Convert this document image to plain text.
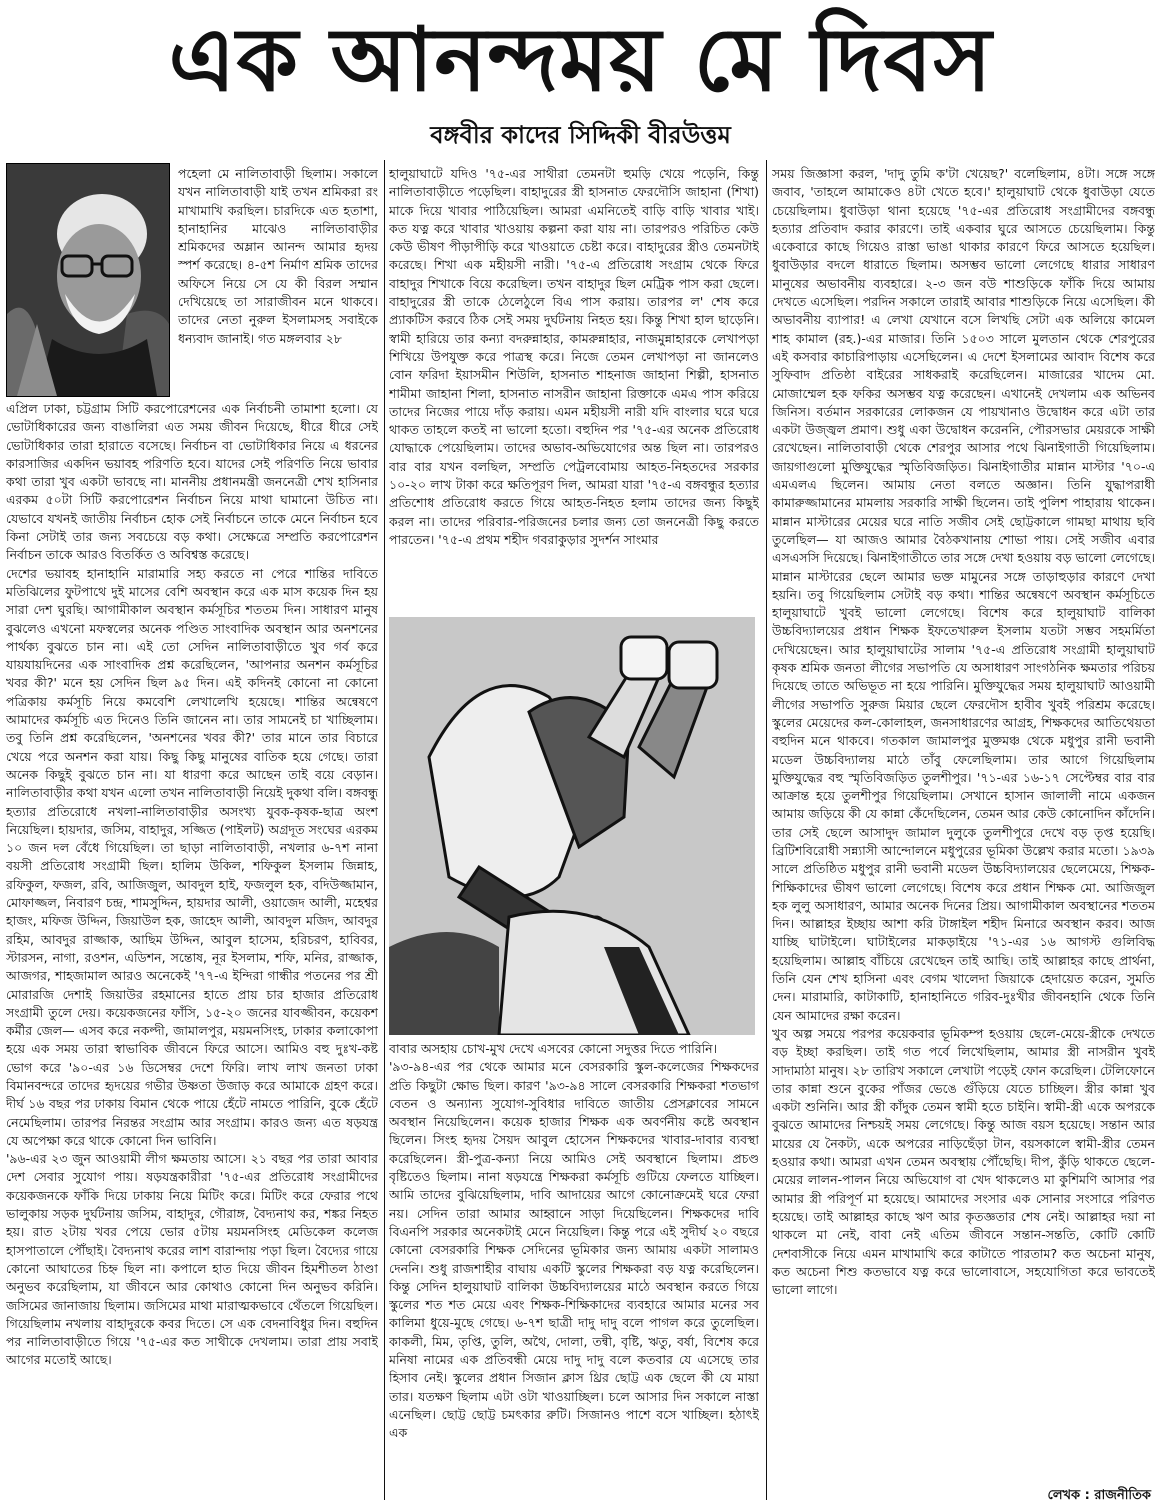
এক আনন্দময় মে দিবস
বঙ্গবীর কাদের সিদ্দিকী বীরউত্তম

পহেলা মে নালিতাবাড়ী ছিলাম। সকালে যখন নালিতাবাড়ী যাই তখন শ্রমিকরা রং মাখামাখি করছিল। চারদিকে এত হতাশা, হানাহানির মাঝেও নালিতাবাড়ীর শ্রমিকদের অম্লান আনন্দ আমার হৃদয় স্পর্শ করেছে। ৪-৫শ নির্মাণ শ্রমিক তাদের অফিসে নিয়ে সে যে কী বিরল সম্মান দেখিয়েছে তা সারাজীবন মনে থাকবে। তাদের নেতা নুরুল ইসলামসহ সবাইকে ধন্যবাদ জানাই। গত মঙ্গলবার ২৮

এপ্রিল ঢাকা, চট্টগ্রাম সিটি করপোরেশনের এক নির্বাচনী তামাশা হলো। যে ভোটাধিকারের জন্য বাঙালিরা এত সময় জীবন দিয়েছে, ধীরে ধীরে সেই ভোটাধিকার তারা হারাতে বসেছে। নির্বাচন বা ভোটাধিকার নিয়ে এ ধরনের কারসাজির একদিন ভয়াবহ পরিণতি হবে। যাদের সেই পরিণতি নিয়ে ভাবার কথা তারা খুব একটা ভাবছে না। মাননীয় প্রধানমন্ত্রী জননেত্রী শেখ হাসিনার এরকম ৫০টা সিটি করপোরেশন নির্বাচন নিয়ে মাথা ঘামানো উচিত না। যেভাবে যখনই জাতীয় নির্বাচন হোক সেই নির্বাচনে তাকে মেনে নির্বাচন হবে কিনা সেটাই তার জন্য সবচেয়ে বড় কথা। সেক্ষেত্রে সম্প্রতি করপোরেশন নির্বাচন তাকে আরও বিতর্কিত ও অবিশ্বস্ত করেছে।

দেশের ভয়াবহ হানাহানি মারামারি সহ্য করতে না পেরে শান্তির দাবিতে মতিঝিলের ফুটপাথে দুই মাসের বেশি অবস্থান করে এক মাস কয়েক দিন হয় সারা দেশ ঘুরছি। আগামীকাল অবস্থান কর্মসূচির শততম দিন। সাধারণ মানুষ বুঝলেও এখনো মফস্বলের অনেক পণ্ডিত সাংবাদিক অবস্থান আর অনশনের পার্থক্য বুঝতে চান না। এই তো সেদিন নালিতাবাড়ীতে খুব গর্ব করে যায়যায়দিনের এক সাংবাদিক প্রশ্ন করেছিলেন, 'আপনার অনশন কর্মসূচির খবর কী?' মনে হয় সেদিন ছিল ৯৫ দিন। এই কদিনই কোনো না কোনো পত্রিকায় কর্মসূচি নিয়ে কমবেশি লেখালেখি হয়েছে। শান্তির অন্বেষণে আমাদের কর্মসূচি এত দিনেও তিনি জানেন না। তার সামনেই চা খাচ্ছিলাম। তবু তিনি প্রশ্ন করেছিলেন, 'অনশনের খবর কী?' তার মানে তার বিচারে খেয়ে পরে অনশন করা যায়। কিছু কিছু মানুষের বাতিক হয়ে গেছে। তারা অনেক কিছুই বুঝতে চান না। যা ধারণা করে আছেন তাই বয়ে বেড়ান। নালিতাবাড়ীর কথা যখন এলো তখন নালিতাবাড়ী নিয়েই দুকথা বলি। বঙ্গবন্ধু হত্যার প্রতিরোধে নখলা-নালিতাবাড়ীর অসংখ্য যুবক-কৃষক-ছাত্র অংশ নিয়েছিল। হায়দার, জসিম, বাহাদুর, সজ্জিত (পাইলট) অগ্রদূত সংঘের এরকম ১০ জন দল বেঁধে গিয়েছিল। তা ছাড়া নালিতাবাড়ী, নখলার ৬-৭শ নানা বয়সী প্রতিরোধ সংগ্রামী ছিল। হালিম উকিল, শফিকুল ইসলাম জিন্নাহ, রফিকুল, ফজল, রবি, আজিজুল, আবদুল হাই, ফজলুল হক, বদিউজ্জামান, মোফাজ্জল, নিবারণ চন্দ্র, শামসুদ্দিন, হায়দার আলী, ওয়াজেদ আলী, মহেশ্বর হাজং, মফিজ উদ্দিন, জিয়াউল হক, জাহেদ আলী, আবদুল মজিদ, আবদুর রহিম, আবদুর রাজ্জাক, আছিম উদ্দিন, আবুল হাসেম, হরিচরণ, হাবিবর, স্টারসন, নাগা, রওশন, এডিশন, সন্তোষ, নূর ইসলাম, শফি, মনির, রাজ্জাক, আজগর, শাহজামাল আরও অনেকেই '৭৭-এ ইন্দিরা গান্ধীর পতনের পর শ্রী মোরারজি দেশাই জিয়াউর রহমানের হাতে প্রায় চার হাজার প্রতিরোধ সংগ্রামী তুলে দেয়। কয়েকজনের ফাঁসি, ১৫-২০ জনের যাবজ্জীবন, কয়েকশ কর্মীর জেল— এসব করে নকল্দী, জামালপুর, ময়মনসিংহ, ঢাকার কলাকোপা হয়ে এক সময় তারা স্বাভাবিক জীবনে ফিরে আসে। আমিও বহু দুঃখ-কষ্ট ভোগ করে '৯০-এর ১৬ ডিসেম্বর দেশে ফিরি। লাখ লাখ জনতা ঢাকা বিমানবন্দরে তাদের হৃদয়ের গভীর উষ্ণতা উজাড় করে আমাকে গ্রহণ করে। দীর্ঘ ১৬ বছর পর ঢাকায় বিমান থেকে পায়ে হেঁটে নামতে পারিনি, বুকে হেঁটে নেমেছিলাম। তারপর নিরন্তর সংগ্রাম আর সংগ্রাম। কারও জন্য এত ষড়যন্ত্র যে অপেক্ষা করে থাকে কোনো দিন ভাবিনি।

'৯৬-এর ২৩ জুন আওয়ামী লীগ ক্ষমতায় আসে। ২১ বছর পর তারা আবার দেশ সেবার সুযোগ পায়। ষড়যন্ত্রকারীরা '৭৫-এর প্রতিরোধ সংগ্রামীদের কয়েকজনকে ফাঁকি দিয়ে ঢাকায় নিয়ে মিটিং করে। মিটিং করে ফেরার পথে ভালুকায় সড়ক দুর্ঘটনায় জসিম, বাহাদুর, গৌরাঙ্গ, বৈদ্যনাথ কর, শঙ্কর নিহত হয়। রাত ২টায় খবর পেয়ে ভোর ৫টায় ময়মনসিংহ মেডিকেল কলেজ হাসপাতালে পৌঁছাই। বৈদ্যনাথ করের লাশ বারান্দায় পড়া ছিল। বৈদ্যের গায়ে কোনো আঘাতের চিহ্ন ছিল না। কপালে হাত দিয়ে জীবন হিমশীতল ঠাণ্ডা অনুভব করেছিলাম, যা জীবনে আর কোথাও কোনো দিন অনুভব করিনি। জসিমের জানাজায় ছিলাম। জসিমের মাথা মারাত্মকভাবে থেঁতলে গিয়েছিল। গিয়েছিলাম নখলায় বাহাদুরকে কবর দিতে। সে এক বেদনাবিধুর দিন। বহুদিন পর নালিতাবাড়ীতে গিয়ে '৭৫-এর কত সাথীকে দেখলাম। তারা প্রায় সবাই আগের মতোই আছে।

হালুয়াঘাটে যদিও '৭৫-এর সাথীরা তেমনটা হুমড়ি খেয়ে পড়েনি, কিন্তু নালিতাবাড়ীতে পড়েছিল। বাহাদুরের স্ত্রী হাসনাত ফেরদৌসি জাহানা (শিখা) মাকে দিয়ে খাবার পাঠিয়েছিল। আমরা এমনিতেই বাড়ি বাড়ি খাবার খাই। কত যত্ন করে খাবার খাওয়ায় কল্পনা করা যায় না। তারপরও পরিচিত কেউ কেউ ভীষণ পীড়াপীড়ি করে খাওয়াতে চেষ্টা করে। বাহাদুরের স্ত্রীও তেমনটাই করেছে। শিখা এক মহীয়সী নারী। '৭৫-এ প্রতিরোধ সংগ্রাম থেকে ফিরে বাহাদুর শিখাকে বিয়ে করেছিল। তখন বাহাদুর ছিল মেট্রিক পাস করা ছেলে। বাহাদুরের স্ত্রী তাকে ঠেলেঠুলে বিএ পাস করায়। তারপর ল' শেষ করে প্র্যাকটিস করবে ঠিক সেই সময় দুর্ঘটনায় নিহত হয়। কিন্তু শিখা হাল ছাড়েনি। স্বামী হারিয়ে তার কন্যা বদরুন্নাহার, কামরুন্নাহার, নাজমুন্নাহারকে লেখাপড়া শিখিয়ে উপযুক্ত করে পাত্রস্থ করে। নিজে তেমন লেখাপড়া না জানলেও বোন ফরিদা ইয়াসমীন শিউলি, হাসনাত শাহনাজ জাহানা শিল্পী, হাসনাত শামীমা জাহানা শিলা, হাসনাত নাসরীন জাহানা রিক্তাকে এমএ পাস করিয়ে তাদের নিজের পায়ে দাঁড় করায়। এমন মহীয়সী নারী যদি বাংলার ঘরে ঘরে থাকত তাহলে কতই না ভালো হতো। বহুদিন পর '৭৫-এর অনেক প্রতিরোধ যোদ্ধাকে পেয়েছিলাম। তাদের অভাব-অভিযোগের অন্ত ছিল না। তারপরও বার বার যখন বলছিল, সম্প্রতি পেট্রলবোমায় আহত-নিহতদের সরকার ১০-২০ লাখ টাকা করে ক্ষতিপূরণ দিল, আমরা যারা '৭৫-এ বঙ্গবন্ধুর হত্যার প্রতিশোধ প্রতিরোধ করতে গিয়ে আহত-নিহত হলাম তাদের জন্য কিছুই করল না। তাদের পরিবার-পরিজনের চলার জন্য তো জননেত্রী কিছু করতে পারতেন। '৭৫-এ প্রথম শহীদ গবরাকুড়ার সুদর্শন সাংমার

বাবার অসহায় চোখ-মুখ দেখে এসবের কোনো সদুত্তর দিতে পারিনি।

'৯৩-৯৪-এর পর থেকে আমার মনে বেসরকারি স্কুল-কলেজের শিক্ষকদের প্রতি কিছুটা ক্ষোভ ছিল। কারণ '৯৩-৯৪ সালে বেসরকারি শিক্ষকরা শতভাগ বেতন ও অন্যান্য সুযোগ-সুবিধার দাবিতে জাতীয় প্রেসক্লাবের সামনে অবস্থান নিয়েছিলেন। কয়েক হাজার শিক্ষক এক অবর্ণনীয় কষ্টে অবস্থান ছিলেন। সিংহ হৃদয় সৈয়দ আবুল হোসেন শিক্ষকদের খাবার-দাবার ব্যবস্থা করেছিলেন। স্ত্রী-পুত্র-কন্যা নিয়ে আমিও সেই অবস্থানে ছিলাম। প্রচণ্ড বৃষ্টিতেও ছিলাম। নানা ষড়যন্ত্রে শিক্ষকরা কর্মসূচি গুটিয়ে ফেলতে যাচ্ছিল। আমি তাদের বুঝিয়েছিলাম, দাবি আদায়ের আগে কোনোক্রমেই ঘরে ফেরা নয়। সেদিন তারা আমার আহ্বানে সাড়া দিয়েছিলেন। শিক্ষকদের দাবি বিএনপি সরকার অনেকটাই মেনে নিয়েছিল। কিন্তু পরে এই সুদীর্ঘ ২০ বছরে কোনো বেসরকারি শিক্ষক সেদিনের ভূমিকার জন্য আমায় একটা সালামও দেননি। শুধু রাজশাহীর বাঘায় একটি স্কুলের শিক্ষকরা বড় যত্ন করেছিলেন। কিন্তু সেদিন হালুয়াঘাট বালিকা উচ্চবিদ্যালয়ের মাঠে অবস্থান করতে গিয়ে স্কুলের শত শত মেয়ে এবং শিক্ষক-শিক্ষিকাদের ব্যবহারে আমার মনের সব কালিমা ধুয়ে-মুছে গেছে। ৬-৭শ ছাত্রী দাদু দাদু বলে পাগল করে তুলেছিল। কাকলী, মিম, তৃপ্তি, তুলি, অথৈ, দোলা, তন্বী, বৃষ্টি, ঋতু, বর্ষা, বিশেষ করে মনিষা নামের এক প্রতিবন্ধী মেয়ে দাদু দাদু বলে কতবার যে এসেছে তার হিসাব নেই। স্কুলের প্রধান সিজান ক্লাস থ্রির ছোট্ট এক ছেলে কী যে মায়া তার। যতক্ষণ ছিলাম এটা ওটা খাওয়াচ্ছিল। চলে আসার দিন সকালে নাস্তা এনেছিল। ছোট্ট ছোট্ট চমৎকার রুটি। সিজানও পাশে বসে খাচ্ছিল। হঠাৎই এক

সময় জিজ্ঞাসা করল, 'দাদু তুমি ক'টা খেয়েছ?' বলেছিলাম, ৪টা। সঙ্গে সঙ্গে জবাব, 'তাহলে আমাকেও ৪টা খেতে হবে।' হালুয়াঘাট থেকে ধুবাউড়া যেতে চেয়েছিলাম। ধুবাউড়া থানা হয়েছে '৭৫-এর প্রতিরোধ সংগ্রামীদের বঙ্গবন্ধু হত্যার প্রতিবাদ করার কারণে। তাই একবার ঘুরে আসতে চেয়েছিলাম। কিন্তু একেবারে কাছে গিয়েও রাস্তা ভাঙা থাকার কারণে ফিরে আসতে হয়েছিল। ধুবাউড়ার বদলে ধারাতে ছিলাম। অসম্ভব ভালো লেগেছে ধারার সাধারণ মানুষের অভাবনীয় ব্যবহারে। ২-৩ জন বউ শাশুড়িকে ফাঁকি দিয়ে আমায় দেখতে এসেছিল। পরদিন সকালে তারাই আবার শাশুড়িকে নিয়ে এসেছিল। কী অভাবনীয় ব্যাপার! এ লেখা যেখানে বসে লিখছি সেটা এক অলিয়ে কামেল শাহ কামাল (রহ.)-এর মাজার। তিনি ১৫০৩ সালে মুলতান থেকে শেরপুরের এই কসবার কাচারিপাড়ায় এসেছিলেন। এ দেশে ইসলামের আবাদ বিশেষ করে সুফিবাদ প্রতিষ্ঠা বাইরের সাধকরাই করেছিলেন। মাজারের খাদেম মো. মোজাম্মেল হক ফকির অসম্ভব যত্ন করেছেন। এখানেই দেখলাম এক অভিনব জিনিস। বর্তমান সরকারের লোকজন যে পায়খানাও উদ্বোধন করে এটা তার একটা উজ্জ্বল প্রমাণ। শুধু একা উদ্বোধন করেননি, পৌরসভার মেয়রকে সাক্ষী রেখেছেন। নালিতাবাড়ী থেকে শেরপুর আসার পথে ঝিনাইগাতী গিয়েছিলাম। জায়গাগুলো মুক্তিযুদ্ধের স্মৃতিবিজড়িত। ঝিনাইগাতীর মান্নান মাস্টার '৭০-এ এমএলএ ছিলেন। আমায় নেতা বলতে অজ্ঞান। তিনি যুদ্ধাপরাধী কামারুজ্জামানের মামলায় সরকারি সাক্ষী ছিলেন। তাই পুলিশ পাহারায় থাকেন। মান্নান মাস্টারের মেয়ের ঘরে নাতি সজীব সেই ছোট্টকালে গামছা মাথায় ছবি তুলেছিল— যা আজও আমার বৈঠকখানায় শোভা পায়। সেই সজীব এবার এসএসসি দিয়েছে। ঝিনাইগাতীতে তার সঙ্গে দেখা হওয়ায় বড় ভালো লেগেছে। মান্নান মাস্টারের ছেলে আমার ভক্ত মামুনের সঙ্গে তাড়াহুড়ার কারণে দেখা হয়নি। তবু গিয়েছিলাম সেটাই বড় কথা। শান্তির অন্বেষণে অবস্থান কর্মসূচিতে হালুয়াঘাটে খুবই ভালো লেগেছে। বিশেষ করে হালুয়াঘাট বালিকা উচ্চবিদ্যালয়ের প্রধান শিক্ষক ইফতেখারুল ইসলাম যতটা সম্ভব সহমর্মিতা দেখিয়েছেন। আর হালুয়াঘাটের সালাম '৭৫-এ প্রতিরোধ সংগ্রামী হালুয়াঘাট কৃষক শ্রমিক জনতা লীগের সভাপতি যে অসাধারণ সাংগঠনিক ক্ষমতার পরিচয় দিয়েছে তাতে অভিভূত না হয়ে পারিনি। মুক্তিযুদ্ধের সময় হালুয়াঘাট আওয়ামী লীগের সভাপতি সুরুজ মিয়ার ছেলে ফেরদৌস হাবীব খুবই পরিশ্রম করেছে। স্কুলের মেয়েদের কল-কোলাহল, জনসাধারণের আগ্রহ, শিক্ষকদের আতিথেয়তা বহুদিন মনে থাকবে। গতকাল জামালপুর মুক্তমঞ্চ থেকে মধুপুর রানী ভবানী মডেল উচ্চবিদ্যালয় মাঠে তাঁবু ফেলেছিলাম। তার আগে গিয়েছিলাম মুক্তিযুদ্ধের বহু স্মৃতিবিজড়িত তুলশীপুর। '৭১-এর ১৬-১৭ সেপ্টেম্বর বার বার আক্রান্ত হয়ে তুলশীপুর গিয়েছিলাম। সেখানে হাসান জালালী নামে একজন আমায় জড়িয়ে কী যে কান্না কেঁদেছিলেন, তেমন আর কেউ কোনোদিন কাঁদেনি। তার সেই ছেলে আসাদুদ জামাল দুলুকে তুলশীপুরে দেখে বড় তৃপ্ত হয়েছি। ব্রিটিশবিরোধী সন্ন্যাসী আন্দোলনে মধুপুরের ভূমিকা উল্লেখ করার মতো। ১৯৩৯ সালে প্রতিষ্ঠিত মধুপুর রানী ভবানী মডেল উচ্চবিদ্যালয়ের ছেলেমেয়ে, শিক্ষক-শিক্ষিকাদের ভীষণ ভালো লেগেছে। বিশেষ করে প্রধান শিক্ষক মো. আজিজুল হক লুলু অসাধারণ, আমার অনেক দিনের প্রিয়। আগামীকাল অবস্থানের শততম দিন। আল্লাহর ইচ্ছায় আশা করি টাঙ্গাইল শহীদ মিনারে অবস্থান করব। আজ যাচ্ছি ঘাটাইলে। ঘাটাইলের মাকড়াইয়ে '৭১-এর ১৬ আগস্ট গুলিবিদ্ধ হয়েছিলাম। আল্লাহ বাঁচিয়ে রেখেছেন তাই আছি। তাই আল্লাহর কাছে প্রার্থনা, তিনি যেন শেখ হাসিনা এবং বেগম খালেদা জিয়াকে হেদায়েত করেন, সুমতি দেন। মারামারি, কাটাকাটি, হানাহানিতে গরিব-দুঃখীর জীবনহানি থেকে তিনি যেন আমাদের রক্ষা করেন।

খুব অল্প সময়ে পরপর কয়েকবার ভূমিকম্প হওয়ায় ছেলে-মেয়ে-স্ত্রীকে দেখতে বড় ইচ্ছা করছিল। তাই গত পর্বে লিখেছিলাম, আমার স্ত্রী নাসরীন খুবই সাদামাঠা মানুষ। ২৮ তারিখ সকালে লেখাটা পড়েই ফোন করেছিল। টেলিফোনে তার কান্না শুনে বুকের পাঁজর ভেঙে গুঁড়িয়ে যেতে চাচ্ছিল। স্ত্রীর কান্না খুব একটা শুনিনি। আর স্ত্রী কাঁদুক তেমন স্বামী হতে চাইনি। স্বামী-স্ত্রী একে অপরকে বুঝতে আমাদের নিশ্চয়ই সময় লেগেছে। কিন্তু আজ বয়স হয়েছে। সন্তান আর মায়ের যে নৈকট্য, একে অপরের নাড়িছেঁড়া টান, বয়সকালে স্বামী-স্ত্রীর তেমন হওয়ার কথা। আমরা এখন তেমন অবস্থায় পৌঁছেছি। দীপ, কুঁড়ি থাকতে ছেলে-মেয়ের লালন-পালন নিয়ে অভিযোগ বা খেদ থাকলেও মা কুশিমণি আসার পর আমার স্ত্রী পরিপূর্ণ মা হয়েছে। আমাদের সংসার এক সোনার সংসারে পরিণত হয়েছে। তাই আল্লাহর কাছে ঋণ আর কৃতজ্ঞতার শেষ নেই। আল্লাহর দয়া না থাকলে মা নেই, বাবা নেই এতিম জীবনে সন্তান-সন্ততি, কোটি কোটি দেশবাসীকে নিয়ে এমন মাখামাখি করে কাটাতে পারতাম? কত অচেনা মানুষ, কত অচেনা শিশু কতভাবে যত্ন করে ভালোবাসে, সহযোগিতা করে ভাবতেই ভালো লাগে।

লেখক : রাজনীতিক
